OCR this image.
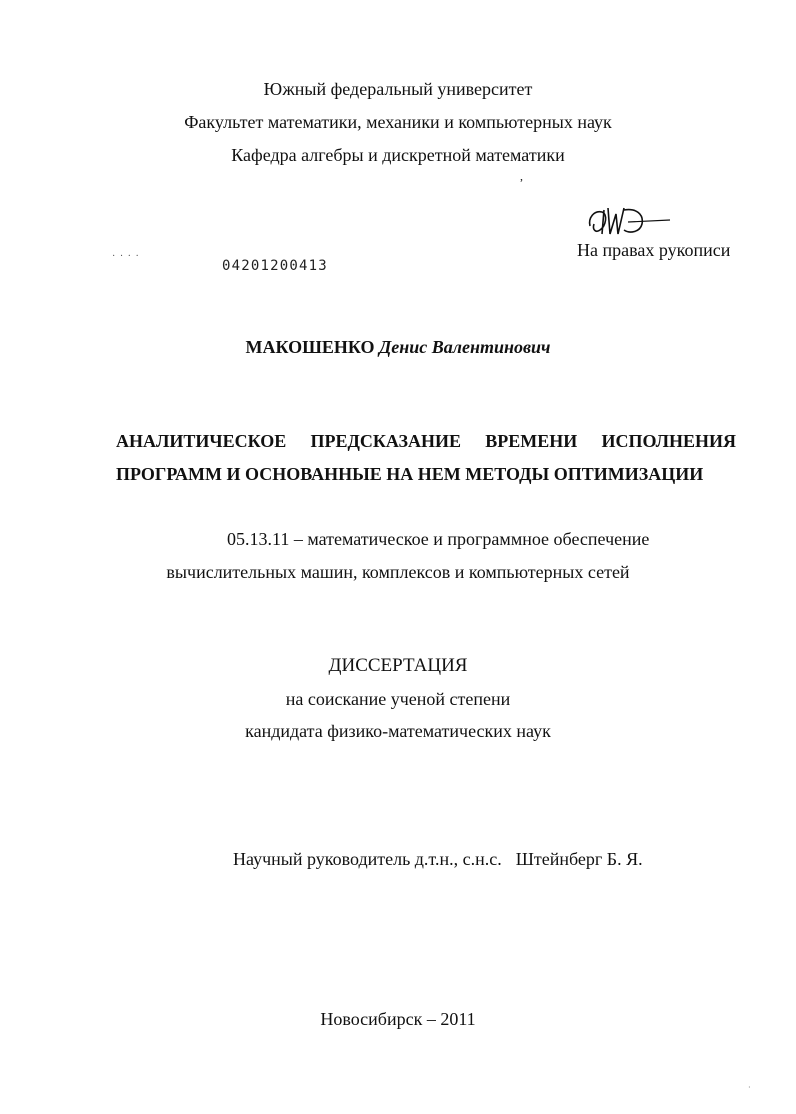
Южный федеральный университет
Факультет математики, механики и компьютерных наук
Кафедра алгебры и дискретной математики
,
На правах рукописи
· · · ·
04201200413
МАКОШЕНКО Денис Валентинович
АНАЛИТИЧЕСКОЕ ПРЕДСКАЗАНИЕ ВРЕМЕНИ ИСПОЛНЕНИЯ
ПРОГРАММ И ОСНОВАННЫЕ НА НЕМ МЕТОДЫ ОПТИМИЗАЦИИ
05.13.11 – математическое и программное обеспечение
вычислительных машин, комплексов и компьютерных сетей
ДИССЕРТАЦИЯ
на соискание ученой степени
кандидата физико-математических наук
Научный руководитель д.т.н., с.н.с. Штейнберг Б. Я.
Новосибирск – 2011
·
